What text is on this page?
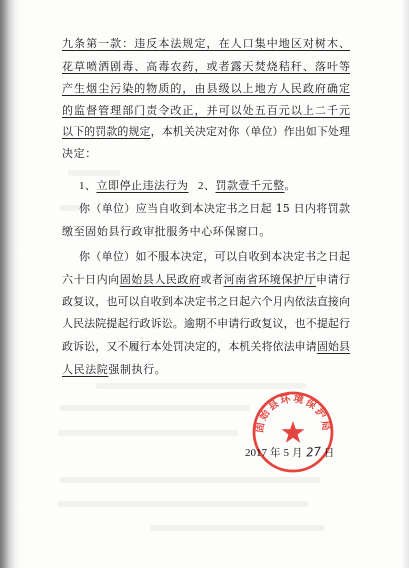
九条第一款：违反本法规定，在人口集中地区对树木、
花草喷洒剧毒、高毒农药，或者露天焚烧秸秆、落叶等
产生烟尘污染的物质的，由县级以上地方人民政府确定
的监督管理部门责令改正，并可以处五百元以上二千元
以下的罚款的规定，本机关决定对你（单位）作出如下处理
决定：
1、立即停止违法行为 2、罚款壹千元整。
你（单位）应当自收到本决定书之日起 15 日内将罚款
缴至固始县行政审批服务中心环保窗口。
你（单位）如不服本决定，可以自收到本决定书之日起
六十日内向固始县人民政府或者河南省环境保护厅申请行
政复议，也可以自收到本决定书之日起六个月内依法直接向
人民法院提起行政诉讼。逾期不申请行政复议，也不提起行
政诉讼，又不履行本处罚决定的，本机关将依法申请固始县
人民法院强制执行。
2017 年 5 月 27 日
固始县环境保护局
